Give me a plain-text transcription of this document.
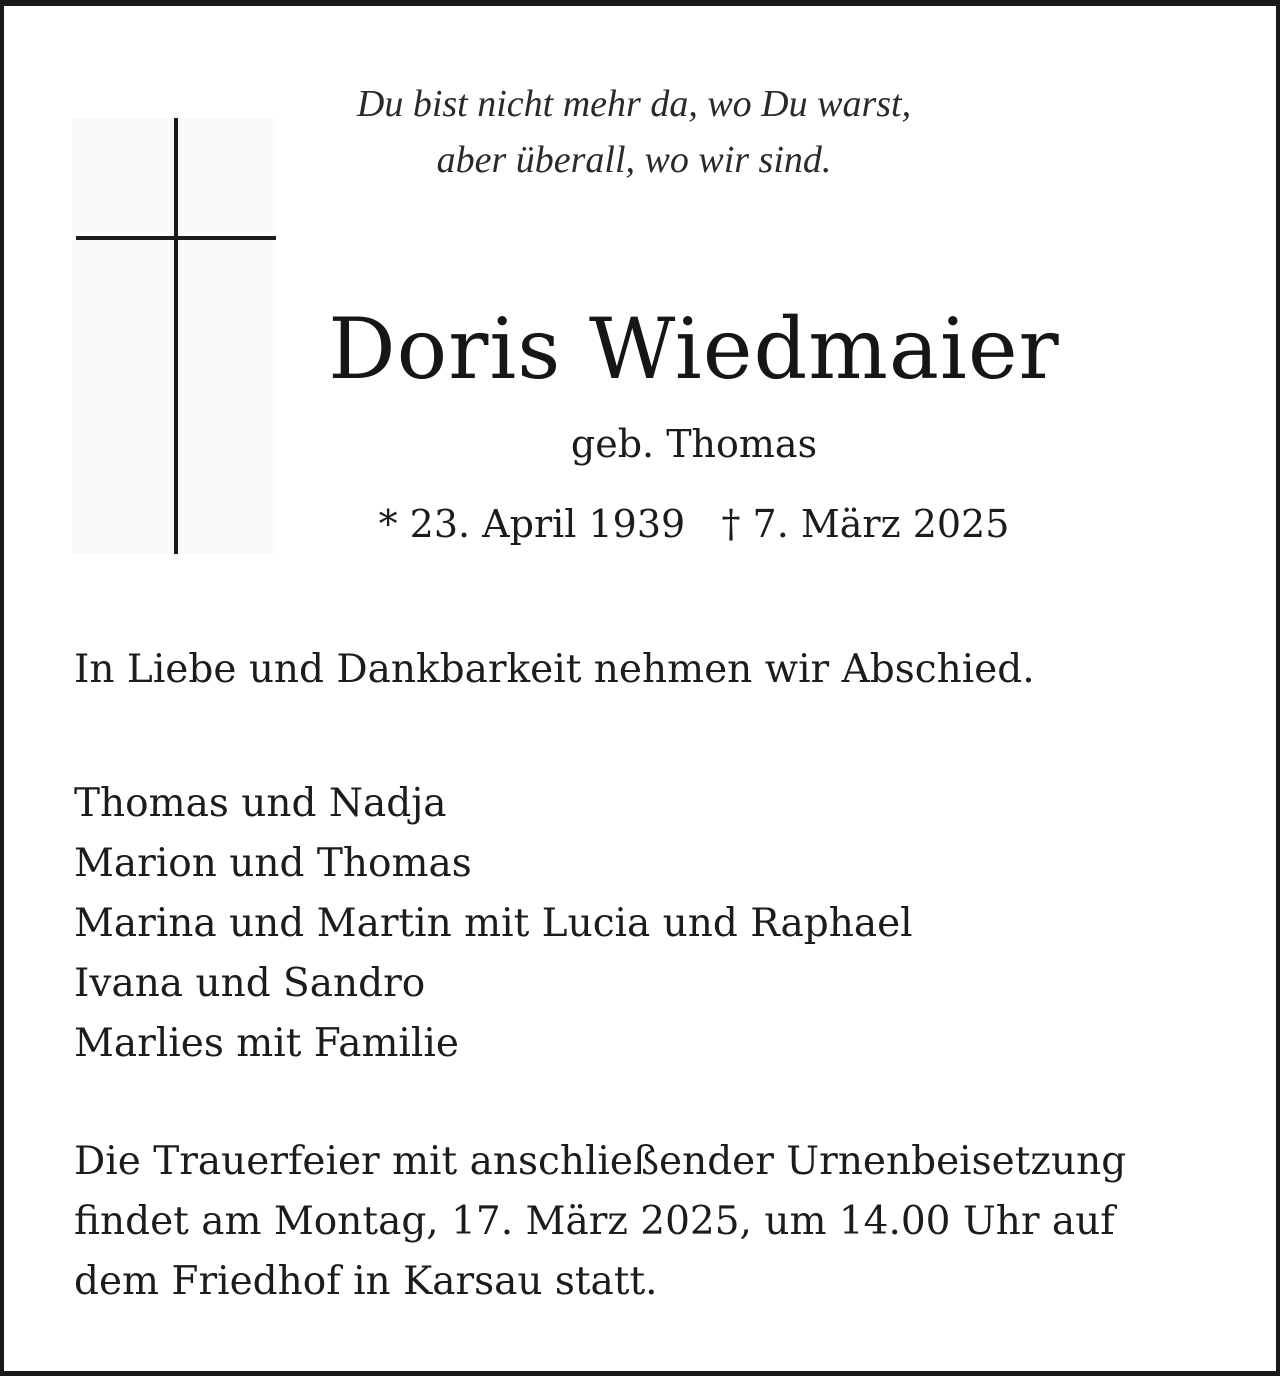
Du bist nicht mehr da, wo Du warst,
aber überall, wo wir sind.
Doris Wiedmaier
geb. Thomas
* 23. April 1939   † 7. März 2025
In Liebe und Dankbarkeit nehmen wir Abschied.
Thomas und Nadja
Marion und Thomas
Marina und Martin mit Lucia und Raphael
Ivana und Sandro
Marlies mit Familie
Die Trauerfeier mit anschließender Urnenbeisetzung
findet am Montag, 17. März 2025, um 14.00 Uhr auf
dem Friedhof in Karsau statt.
